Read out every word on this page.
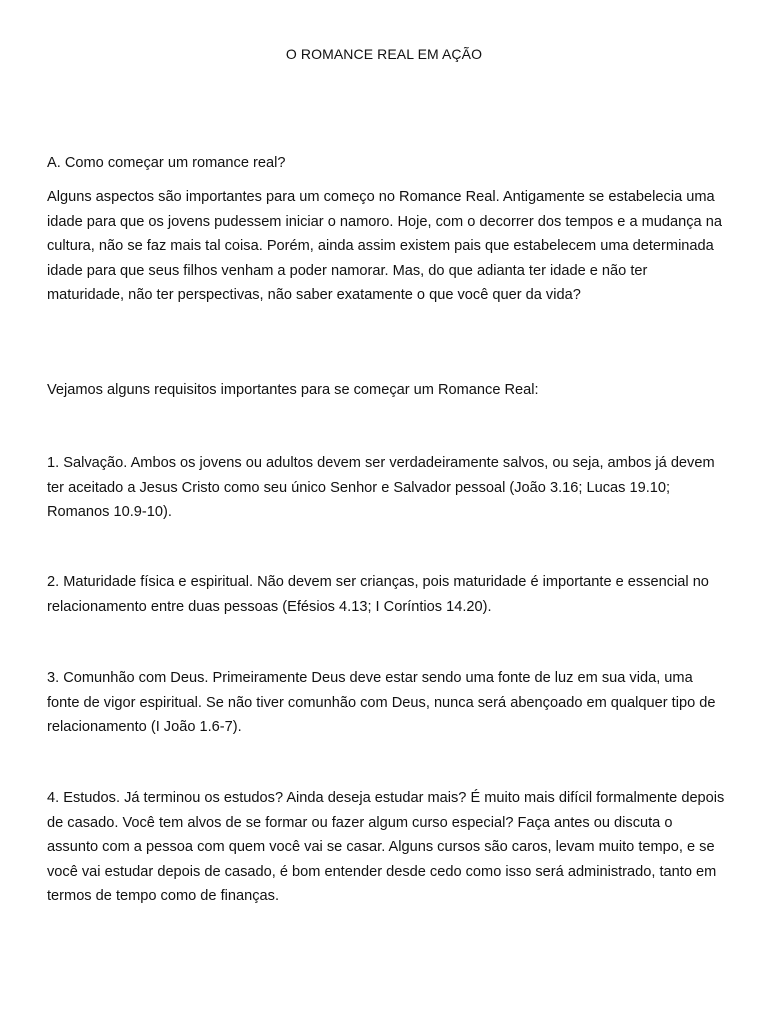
O ROMANCE REAL EM AÇÃO

A. Como começar um romance real?

Alguns aspectos são importantes para um começo no Romance Real. Antigamente se estabelecia uma idade para que os jovens pudessem iniciar o namoro. Hoje, com o decorrer dos tempos e a mudança na cultura, não se faz mais tal coisa. Porém, ainda assim existem pais que estabelecem uma determinada idade para que seus filhos venham a poder namorar. Mas, do que adianta ter idade e não ter maturidade, não ter perspectivas, não saber exatamente o que você quer da vida?

Vejamos alguns requisitos importantes para se começar um Romance Real:

1. Salvação. Ambos os jovens ou adultos devem ser verdadeiramente salvos, ou seja, ambos já devem ter aceitado a Jesus Cristo como seu único Senhor e Salvador pessoal (João 3.16; Lucas 19.10; Romanos 10.9-10).

2. Maturidade física e espiritual. Não devem ser crianças, pois maturidade é importante e essencial no relacionamento entre duas pessoas (Efésios 4.13; I Coríntios 14.20).

3. Comunhão com Deus. Primeiramente Deus deve estar sendo uma fonte de luz em sua vida, uma fonte de vigor espiritual. Se não tiver comunhão com Deus, nunca será abençoado em qualquer tipo de relacionamento (I João 1.6-7).

4. Estudos. Já terminou os estudos? Ainda deseja estudar mais? É muito mais difícil formalmente depois de casado. Você tem alvos de se formar ou fazer algum curso especial? Faça antes ou discuta o assunto com a pessoa com quem você vai se casar. Alguns cursos são caros, levam muito tempo, e se você vai estudar depois de casado, é bom entender desde cedo como isso será administrado, tanto em termos de tempo como de finanças.
